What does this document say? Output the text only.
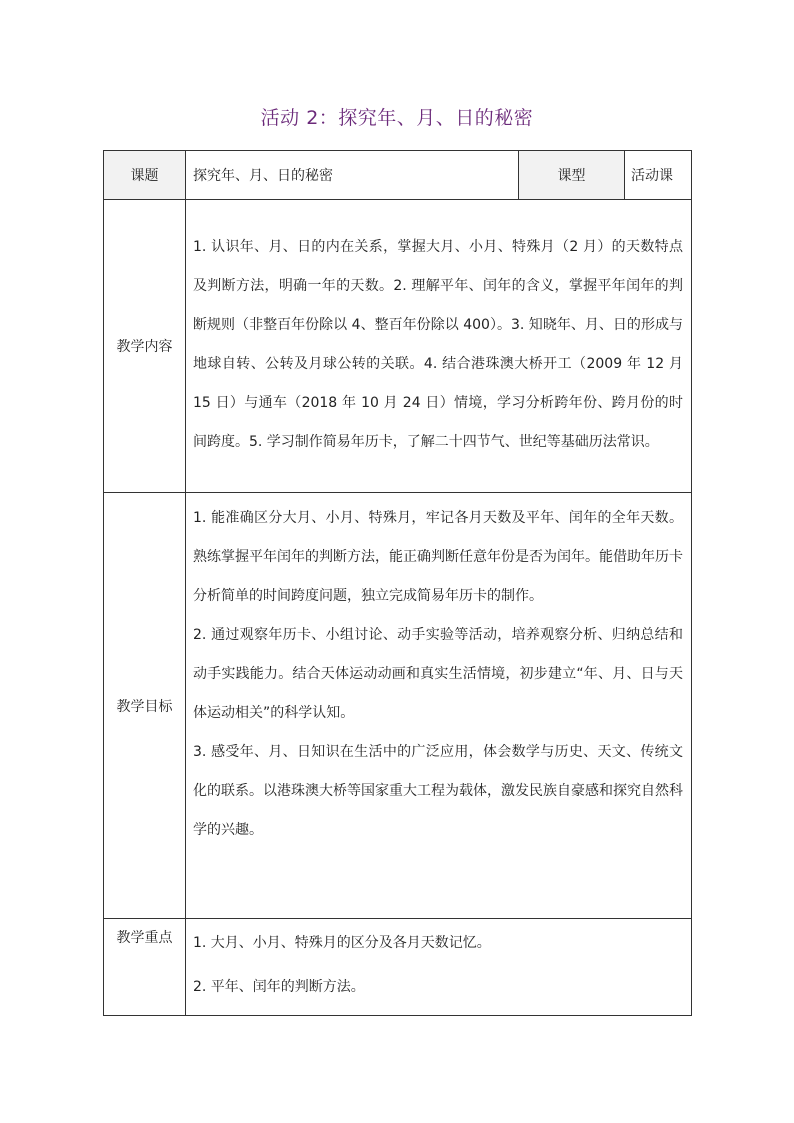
活动 2：探究年、月、日的秘密
课题	探究年、月、日的秘密	课型	活动课
教学内容	1. 认识年、月、日的内在关系，掌握大月、小月、特殊月（2 月）的天数特点及判断方法，明确一年的天数。2. 理解平年、闰年的含义，掌握平年闰年的判断规则（非整百年份除以 4、整百年份除以 400）。3. 知晓年、月、日的形成与地球自转、公转及月球公转的关联。4. 结合港珠澳大桥开工（2009 年 12 月 15 日）与通车（2018 年 10 月 24 日）情境，学习分析跨年份、跨月份的时间跨度。5. 学习制作简易年历卡，了解二十四节气、世纪等基础历法常识。		

教学目标	1. 能准确区分大月、小月、特殊月，牢记各月天数及平年、闰年的全年天数。熟练掌握平年闰年的判断方法，能正确判断任意年份是否为闰年。能借助年历卡分析简单的时间跨度问题，独立完成简易年历卡的制作。

2. 通过观察年历卡、小组讨论、动手实验等活动，培养观察分析、归纳总结和动手实践能力。结合天体运动动画和真实生活情境，初步建立“年、月、日与天体运动相关”的科学认知。

3. 感受年、月、日知识在生活中的广泛应用，体会数学与历史、天文、传统文化的联系。以港珠澳大桥等国家重大工程为载体，激发民族自豪感和探究自然科学的兴趣。		

教学重点	1. 大月、小月、特殊月的区分及各月天数记忆。

2. 平年、闰年的判断方法。		
